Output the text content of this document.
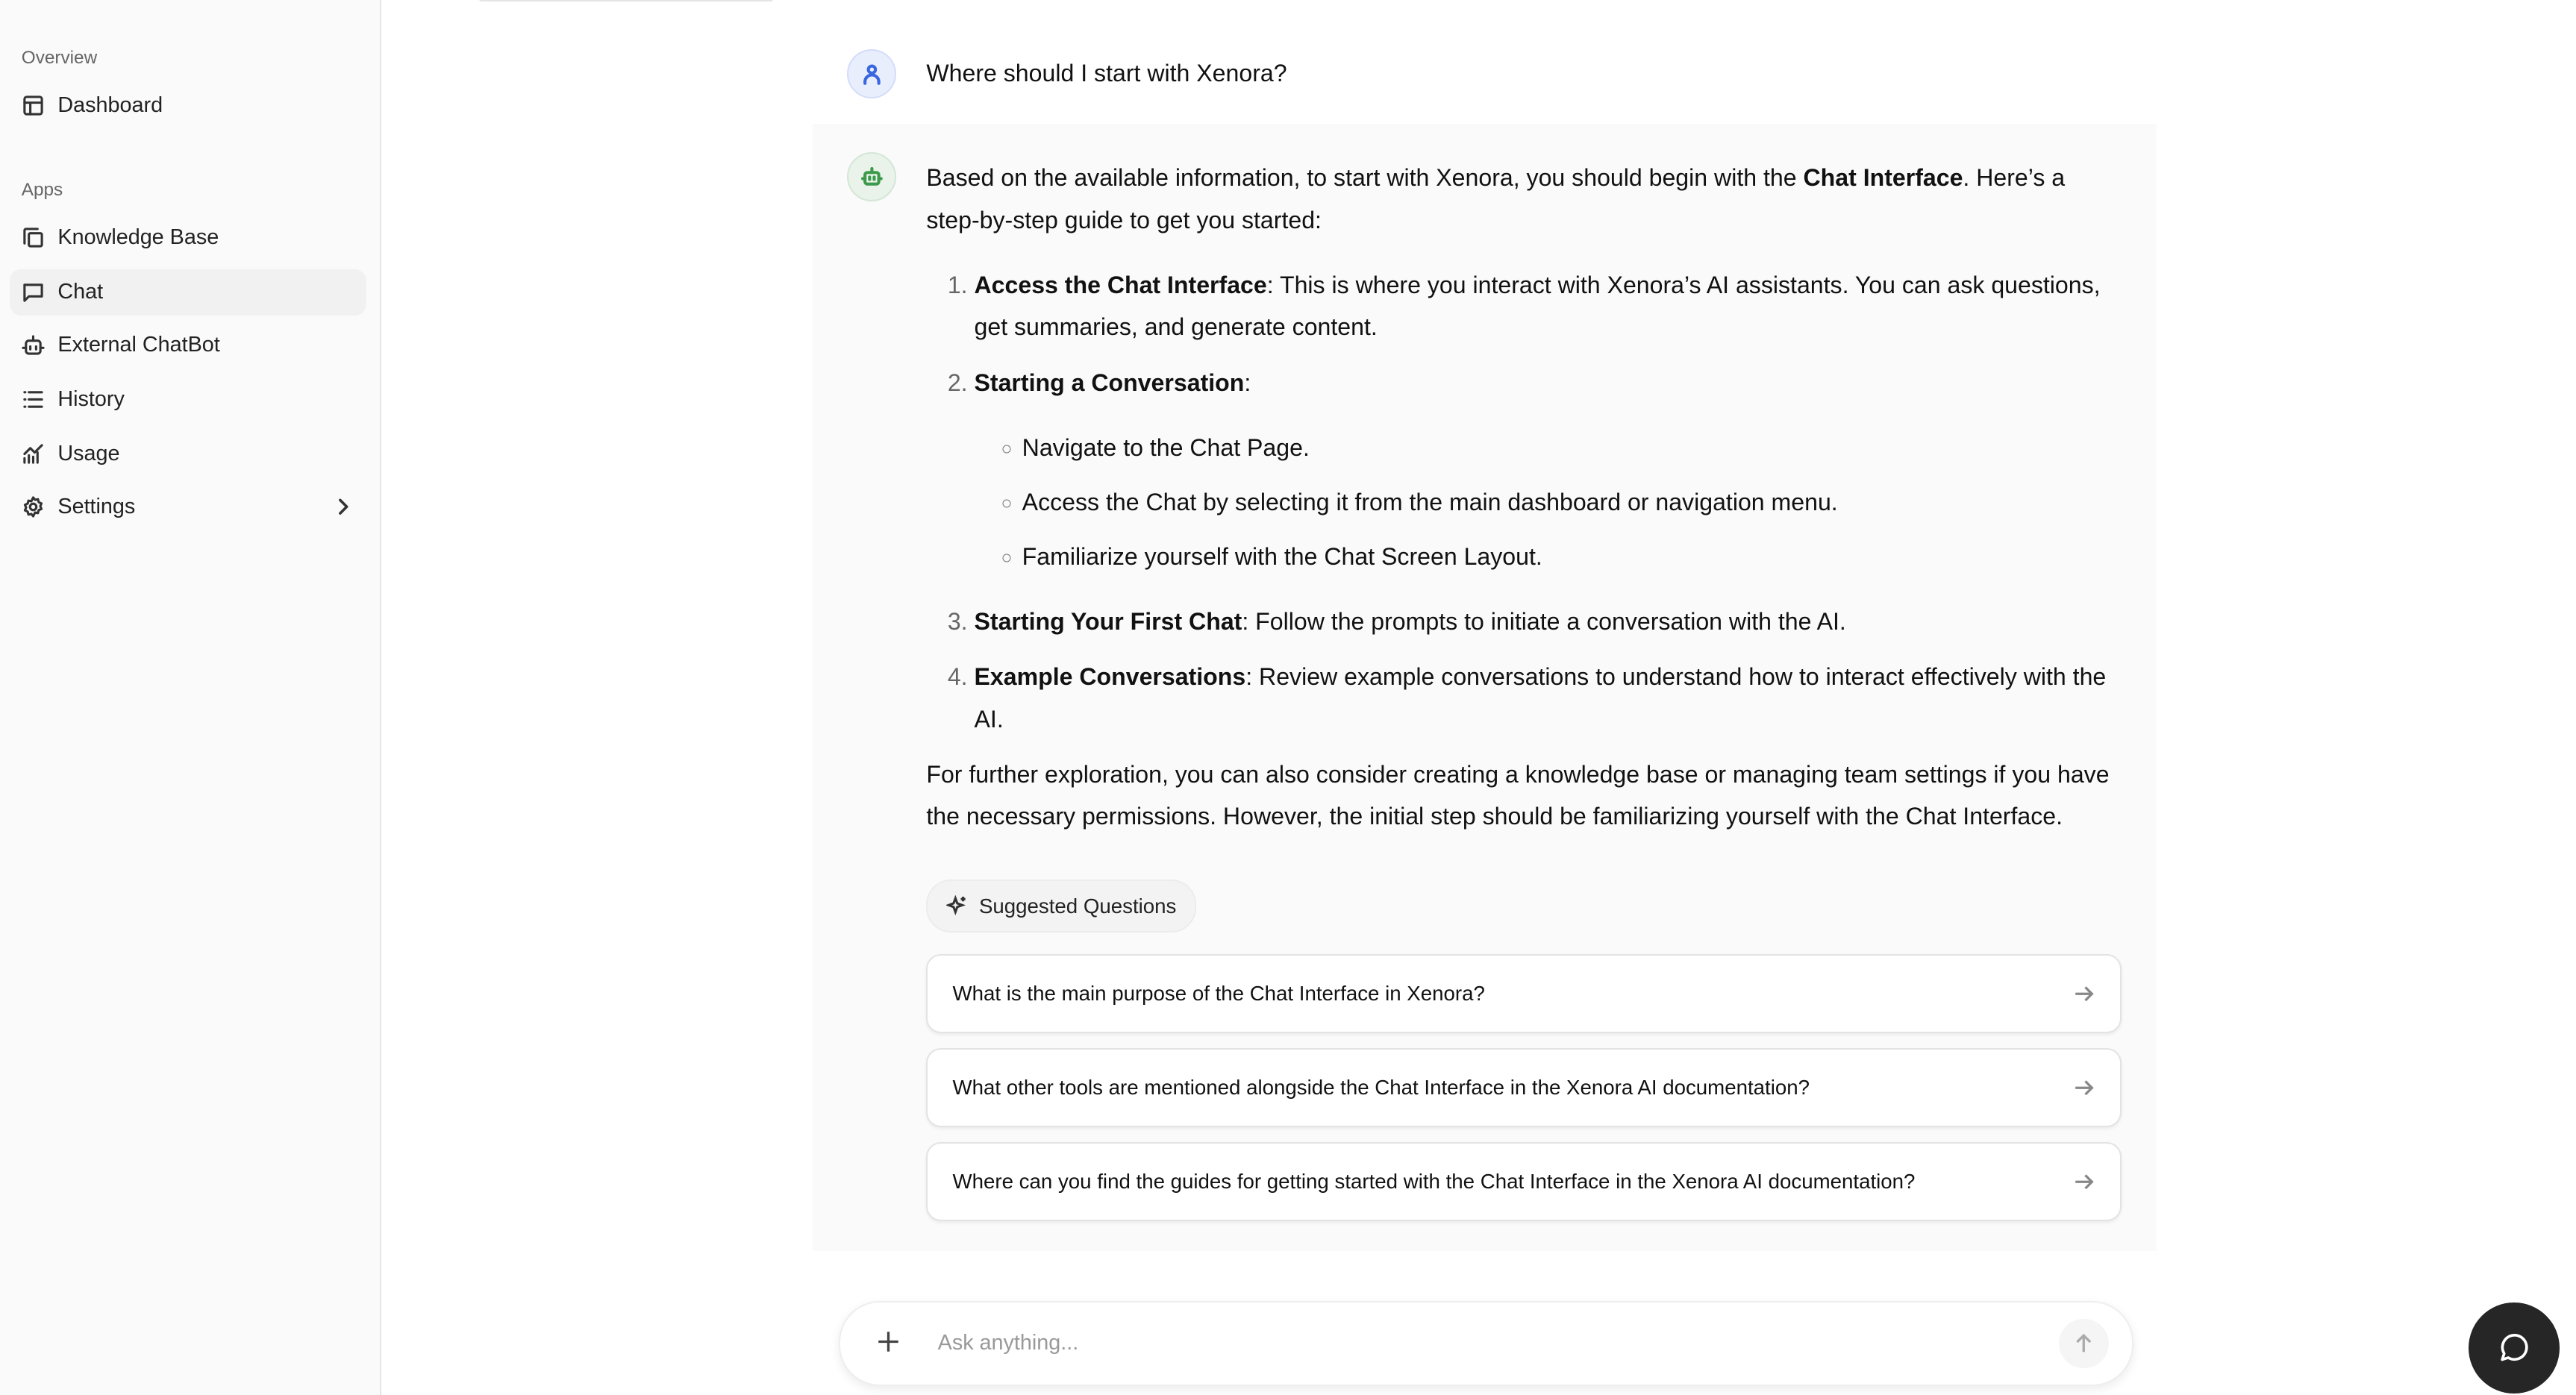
Overview
Dashboard
Apps
Knowledge Base
Chat
External ChatBot
History
Usage
Settings
Where should I start with Xenora?

Based on the available information, to start with Xenora, you should begin with the Chat Interface. Here’s a step-by-step guide to get you started:

1. Access the Chat Interface: This is where you interact with Xenora’s AI assistants. You can ask questions, get summaries, and generate content.
2. Starting a Conversation:
◦ Navigate to the Chat Page.
◦ Access the Chat by selecting it from the main dashboard or navigation menu.
◦ Familiarize yourself with the Chat Screen Layout.
3. Starting Your First Chat: Follow the prompts to initiate a conversation with the AI.
4. Example Conversations: Review example conversations to understand how to interact effectively with the AI.

For further exploration, you can also consider creating a knowledge base or managing team settings if you have the necessary permissions. However, the initial step should be familiarizing yourself with the Chat Interface.

Suggested Questions
What is the main purpose of the Chat Interface in Xenora?
What other tools are mentioned alongside the Chat Interface in the Xenora AI documentation?
Where can you find the guides for getting started with the Chat Interface in the Xenora AI documentation?
Ask anything...
